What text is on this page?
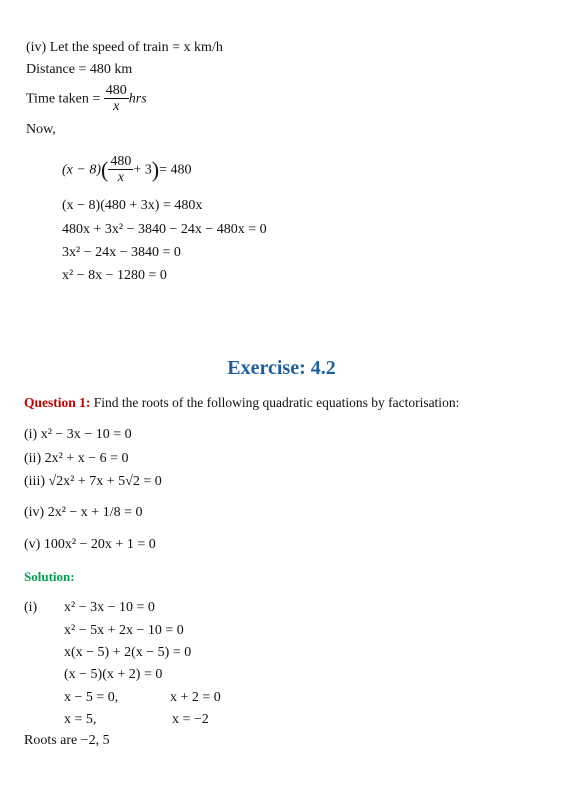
(iv) Let the speed of train = x km/h
Distance = 480 km
Time taken = $\frac{480}{x}$ hrs
Now,
$(x - 8)( \frac{480}{x} + 3)= 480$
(x − 8)(480 + 3x) = 480x
480x + 3x² − 3840 − 24x − 480x = 0
3x² − 24x − 3840 = 0
x² − 8x − 1280 = 0
Exercise: 4.2
Question 1: Find the roots of the following quadratic equations by factorisation:
(i) x² − 3x − 10 = 0
(ii) 2x² + x − 6 = 0
(iii) √2x² + 7x + 5√2 = 0
(iv) 2x² − x + 1/8 = 0
(v) 100x² − 20x + 1 = 0
Solution:
(i) x² − 3x − 10 = 0
x² − 5x + 2x − 10 = 0
x(x − 5) + 2(x − 5) = 0
(x − 5)(x + 2) = 0
x − 5 = 0,	x + 2 = 0
x = 5,	x = −2
Roots are −2, 5
